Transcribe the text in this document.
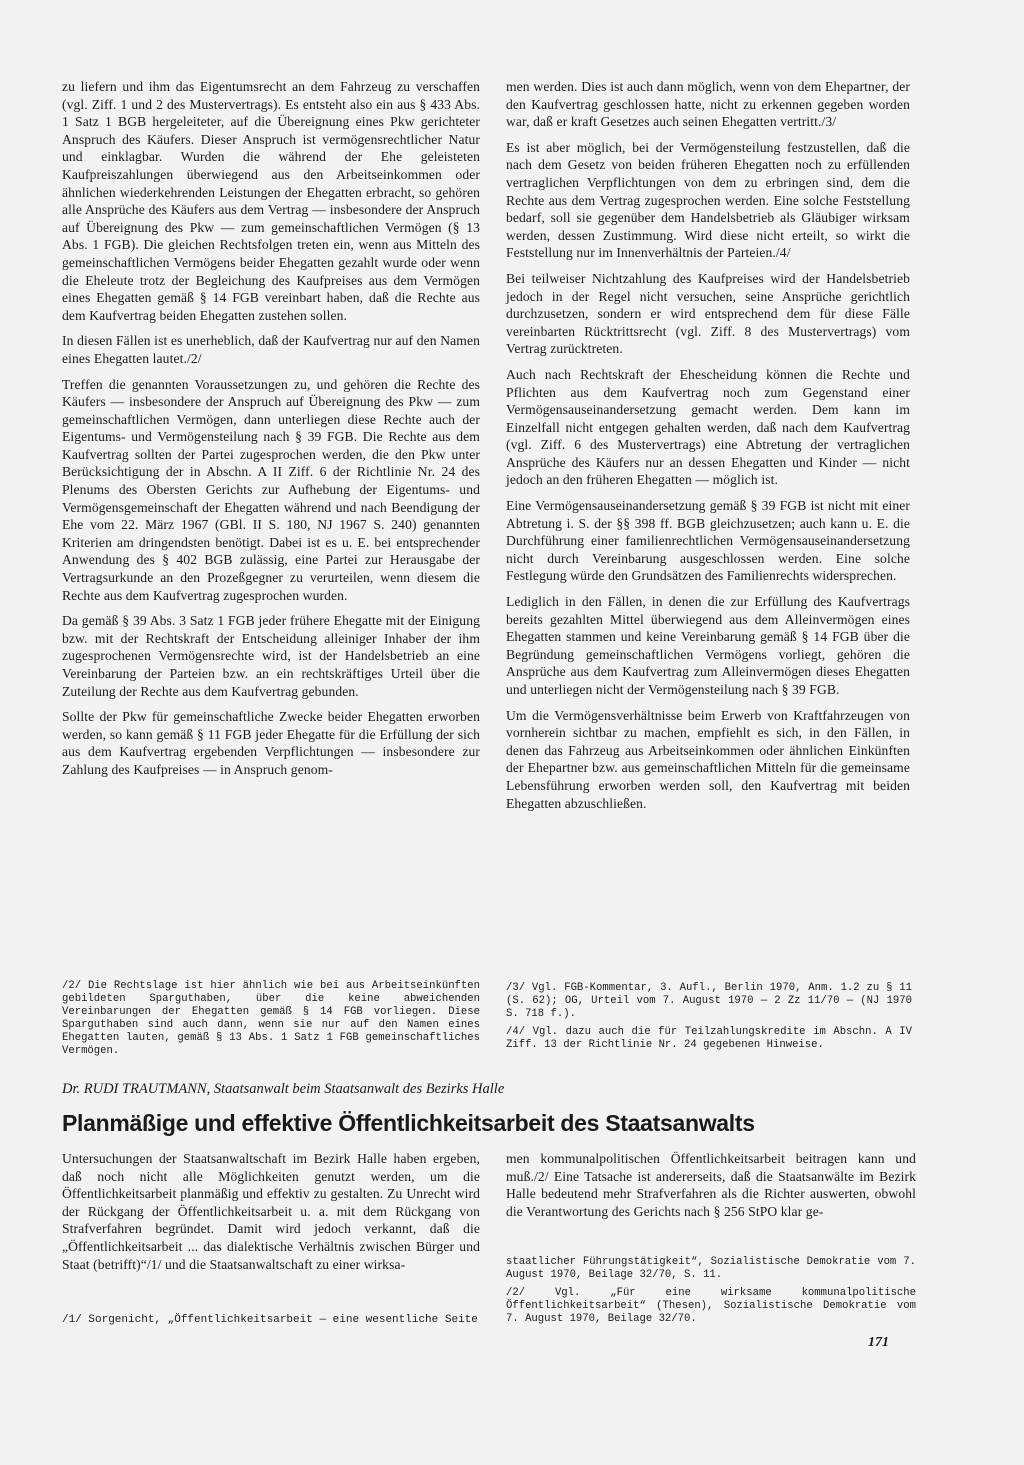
zu liefern und ihm das Eigentumsrecht an dem Fahrzeug zu verschaffen (vgl. Ziff. 1 und 2 des Mustervertrags). Es entsteht also ein aus § 433 Abs. 1 Satz 1 BGB hergeleiteter, auf die Übereignung eines Pkw gerichteter Anspruch des Käufers. Dieser Anspruch ist vermögensrechtlicher Natur und einklagbar. Wurden die während der Ehe geleisteten Kaufpreiszahlungen überwiegend aus den Arbeitseinkommen oder ähnlichen wiederkehrenden Leistungen der Ehegatten erbracht, so gehören alle Ansprüche des Käufers aus dem Vertrag — insbesondere der Anspruch auf Übereignung des Pkw — zum gemeinschaftlichen Vermögen (§ 13 Abs. 1 FGB). Die gleichen Rechtsfolgen treten ein, wenn aus Mitteln des gemeinschaftlichen Vermögens beider Ehegatten gezahlt wurde oder wenn die Eheleute trotz der Begleichung des Kaufpreises aus dem Vermögen eines Ehegatten gemäß § 14 FGB vereinbart haben, daß die Rechte aus dem Kaufvertrag beiden Ehegatten zustehen sollen.

In diesen Fällen ist es unerheblich, daß der Kaufvertrag nur auf den Namen eines Ehegatten lautet./2/

Treffen die genannten Voraussetzungen zu, und gehören die Rechte des Käufers — insbesondere der Anspruch auf Übereignung des Pkw — zum gemeinschaftlichen Vermögen, dann unterliegen diese Rechte auch der Eigentums- und Vermögensteilung nach § 39 FGB. Die Rechte aus dem Kaufvertrag sollten der Partei zugesprochen werden, die den Pkw unter Berücksichtigung der in Abschn. A II Ziff. 6 der Richtlinie Nr. 24 des Plenums des Obersten Gerichts zur Aufhebung der Eigentums- und Vermögensgemeinschaft der Ehegatten während und nach Beendigung der Ehe vom 22. März 1967 (GBl. II S. 180, NJ 1967 S. 240) genannten Kriterien am dringendsten benötigt. Dabei ist es u. E. bei entsprechender Anwendung des § 402 BGB zulässig, eine Partei zur Herausgabe der Vertragsurkunde an den Prozeßgegner zu verurteilen, wenn diesem die Rechte aus dem Kaufvertrag zugesprochen wurden.

Da gemäß § 39 Abs. 3 Satz 1 FGB jeder frühere Ehegatte mit der Einigung bzw. mit der Rechtskraft der Entscheidung alleiniger Inhaber der ihm zugesprochenen Vermögensrechte wird, ist der Handelsbetrieb an eine Vereinbarung der Parteien bzw. an ein rechtskräftiges Urteil über die Zuteilung der Rechte aus dem Kaufvertrag gebunden.

Sollte der Pkw für gemeinschaftliche Zwecke beider Ehegatten erworben werden, so kann gemäß § 11 FGB jeder Ehegatte für die Erfüllung der sich aus dem Kaufvertrag ergebenden Verpflichtungen — insbesondere zur Zahlung des Kaufpreises — in Anspruch genom-

men werden. Dies ist auch dann möglich, wenn von dem Ehepartner, der den Kaufvertrag geschlossen hatte, nicht zu erkennen gegeben worden war, daß er kraft Gesetzes auch seinen Ehegatten vertritt./3/

Es ist aber möglich, bei der Vermögensteilung festzustellen, daß die nach dem Gesetz von beiden früheren Ehegatten noch zu erfüllenden vertraglichen Verpflichtungen von dem zu erbringen sind, dem die Rechte aus dem Vertrag zugesprochen werden. Eine solche Feststellung bedarf, soll sie gegenüber dem Handelsbetrieb als Gläubiger wirksam werden, dessen Zustimmung. Wird diese nicht erteilt, so wirkt die Feststellung nur im Innenverhältnis der Parteien./4/

Bei teilweiser Nichtzahlung des Kaufpreises wird der Handelsbetrieb jedoch in der Regel nicht versuchen, seine Ansprüche gerichtlich durchzusetzen, sondern er wird entsprechend dem für diese Fälle vereinbarten Rücktrittsrecht (vgl. Ziff. 8 des Mustervertrags) vom Vertrag zurücktreten.

Auch nach Rechtskraft der Ehescheidung können die Rechte und Pflichten aus dem Kaufvertrag noch zum Gegenstand einer Vermögensauseinandersetzung gemacht werden. Dem kann im Einzelfall nicht entgegen gehalten werden, daß nach dem Kaufvertrag (vgl. Ziff. 6 des Mustervertrags) eine Abtretung der vertraglichen Ansprüche des Käufers nur an dessen Ehegatten und Kinder — nicht jedoch an den früheren Ehegatten — möglich ist.

Eine Vermögensauseinandersetzung gemäß § 39 FGB ist nicht mit einer Abtretung i. S. der §§ 398 ff. BGB gleichzusetzen; auch kann u. E. die Durchführung einer familienrechtlichen Vermögensauseinandersetzung nicht durch Vereinbarung ausgeschlossen werden. Eine solche Festlegung würde den Grundsätzen des Familienrechts widersprechen.

Lediglich in den Fällen, in denen die zur Erfüllung des Kaufvertrags bereits gezahlten Mittel überwiegend aus dem Alleinvermögen eines Ehegatten stammen und keine Vereinbarung gemäß § 14 FGB über die Begründung gemeinschaftlichen Vermögens vorliegt, gehören die Ansprüche aus dem Kaufvertrag zum Alleinvermögen dieses Ehegatten und unterliegen nicht der Vermögensteilung nach § 39 FGB.

Um die Vermögensverhältnisse beim Erwerb von Kraftfahrzeugen von vornherein sichtbar zu machen, empfiehlt es sich, in den Fällen, in denen das Fahrzeug aus Arbeitseinkommen oder ähnlichen Einkünften der Ehepartner bzw. aus gemeinschaftlichen Mitteln für die gemeinsame Lebensführung erworben werden soll, den Kaufvertrag mit beiden Ehegatten abzuschließen.

/2/ Die Rechtslage ist hier ähnlich wie bei aus Arbeitseinkünften gebildeten Sparguthaben, über die keine abweichenden Vereinbarungen der Ehegatten gemäß § 14 FGB vorliegen. Diese Sparguthaben sind auch dann, wenn sie nur auf den Namen eines Ehegatten lauten, gemäß § 13 Abs. 1 Satz 1 FGB gemeinschaftliches Vermögen.

/3/ Vgl. FGB-Kommentar, 3. Aufl., Berlin 1970, Anm. 1.2 zu § 11 (S. 62); OG, Urteil vom 7. August 1970 — 2 Zz 11/70 — (NJ 1970 S. 718 f.).

/4/ Vgl. dazu auch die für Teilzahlungskredite im Abschn. A IV Ziff. 13 der Richtlinie Nr. 24 gegebenen Hinweise.

Dr. RUDI TRAUTMANN, Staatsanwalt beim Staatsanwalt des Bezirks Halle
Planmäßige und effektive Öffentlichkeitsarbeit des Staatsanwalts

Untersuchungen der Staatsanwaltschaft im Bezirk Halle haben ergeben, daß noch nicht alle Möglichkeiten genutzt werden, um die Öffentlichkeitsarbeit planmäßig und effektiv zu gestalten. Zu Unrecht wird der Rückgang der Öffentlichkeitsarbeit u. a. mit dem Rückgang von Strafverfahren begründet. Damit wird jedoch verkannt, daß die „Öffentlichkeitsarbeit ... das dialektische Verhältnis zwischen Bürger und Staat (betrifft)“/1/ und die Staatsanwaltschaft zu einer wirksa-

men kommunalpolitischen Öffentlichkeitsarbeit beitragen kann und muß./2/ Eine Tatsache ist andererseits, daß die Staatsanwälte im Bezirk Halle bedeutend mehr Strafverfahren als die Richter auswerten, obwohl die Verantwortung des Gerichts nach § 256 StPO klar ge-

/1/ Sorgenicht, „Öffentlichkeitsarbeit — eine wesentliche Seite

staatlicher Führungstätigkeit“, Sozialistische Demokratie vom 7. August 1970, Beilage 32/70, S. 11.

/2/ Vgl. „Für eine wirksame kommunalpolitische Öffentlichkeitsarbeit“ (Thesen), Sozialistische Demokratie vom 7. August 1970, Beilage 32/70.

171
